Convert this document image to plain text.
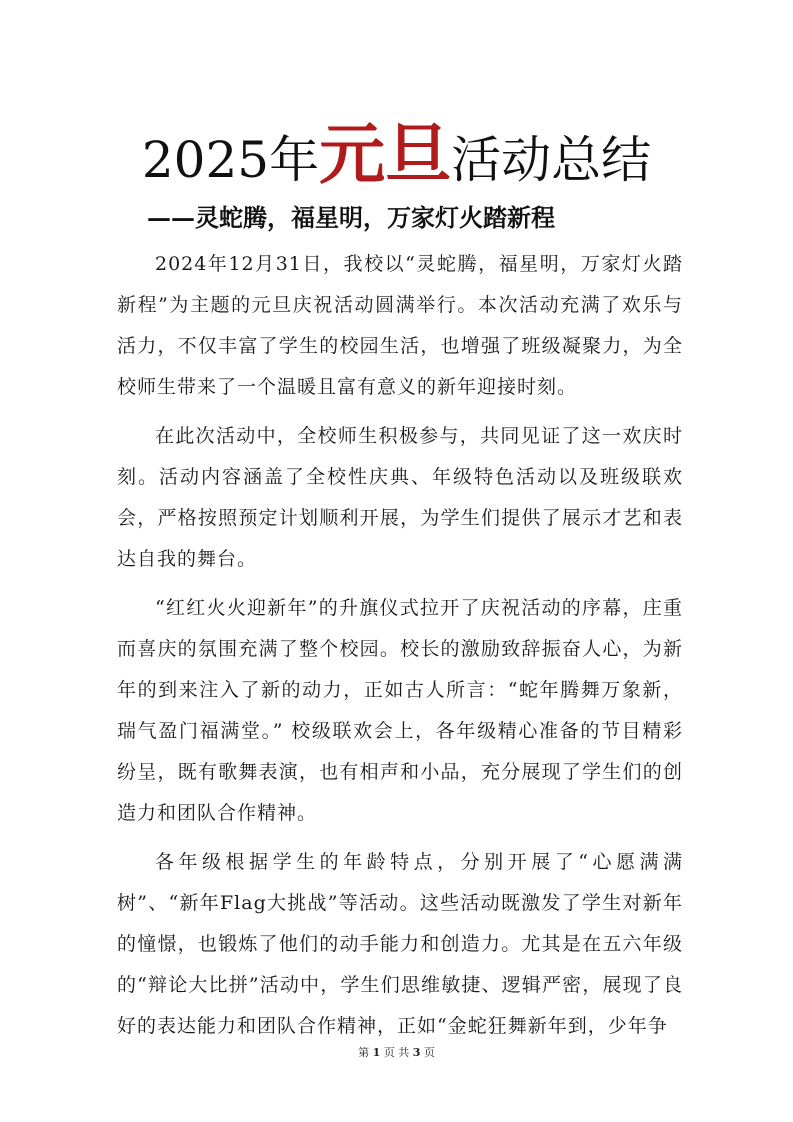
2025年元旦活动总结
——灵蛇腾，福星明，万家灯火踏新程

2024年12月31日，我校以“灵蛇腾，福星明，万家灯火踏新程”为主题的元旦庆祝活动圆满举行。本次活动充满了欢乐与活力，不仅丰富了学生的校园生活，也增强了班级凝聚力，为全校师生带来了一个温暖且富有意义的新年迎接时刻。

在此次活动中，全校师生积极参与，共同见证了这一欢庆时刻。活动内容涵盖了全校性庆典、年级特色活动以及班级联欢会，严格按照预定计划顺利开展，为学生们提供了展示才艺和表达自我的舞台。

“红红火火迎新年”的升旗仪式拉开了庆祝活动的序幕，庄重而喜庆的氛围充满了整个校园。校长的激励致辞振奋人心，为新年的到来注入了新的动力，正如古人所言：“蛇年腾舞万象新，瑞气盈门福满堂。” 校级联欢会上，各年级精心准备的节目精彩纷呈，既有歌舞表演，也有相声和小品，充分展现了学生们的创造力和团队合作精神。

各年级根据学生的年龄特点，分别开展了“心愿满满树”、“新年Flag大挑战”等活动。这些活动既激发了学生对新年的憧憬，也锻炼了他们的动手能力和创造力。尤其是在五六年级的“辩论大比拼”活动中，学生们思维敏捷、逻辑严密，展现了良好的表达能力和团队合作精神，正如“金蛇狂舞新年到，少年争

第 1 页 共 3 页
